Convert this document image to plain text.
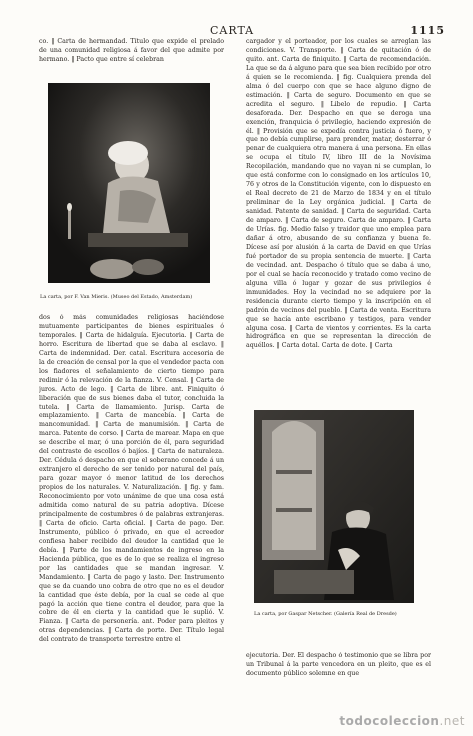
CARTA	1115

co. ‖ Carta de hermandad. Título que expide el prelado de una comunidad religiosa á favor del que admite por hermano. ‖ Pacto que entre sí celebran

La carta, por F. Van Mieris. (Museo del Estado, Amsterdam)

dos ó más comunidades religiosas haciéndose mutuamente participantes de bienes espirituales ó temporales. ‖ Carta de hidalguía. Ejecutoria. ‖ Carta de horro. Escritura de libertad que se daba al esclavo. ‖ Carta de indemnidad. Der. catal. Escritura accesoria de la de creación de censal por la que el vendedor pacta con los fiadores el señalamiento de cierto tiempo para redimir ó la relevación de la fianza. V. Censal. ‖ Carta de juros. Acto de lego. ‖ Carta de libre. ant. Finiquito ó liberación que de sus bienes daba el tutor, concluida la tutela. ‖ Carta de llamamiento. Jurisp. Carta de emplazamiento. ‖ Carta de mancebía. ‖ Carta de mancomunidad. ‖ Carta de manumisión. ‖ Carta de marca. Patente de corso. ‖ Carta de marear. Mapa en que se describe el mar, ó una porción de él, para seguridad del contraste de escollos ó bajíos. ‖ Carta de naturaleza. Der. Cédula ó despacho en que el soberano concede á un extranjero el derecho de ser tenido por natural del país, para gozar mayor ó menor latitud de los derechos propios de los naturales. V. Naturalización. ‖ fig. y fam. Reconocimiento por voto unánime de que una cosa está admitida como natural de su patria adoptiva. Dícese principalmente de costumbres ó de palabras extranjeras. ‖ Carta de oficio. Carta oficial. ‖ Carta de pago. Der. Instrumento, público ó privado, en que el acreedor confiesa haber recibido del deudor la cantidad que le debía. ‖ Parte de los mandamientos de ingreso en la Hacienda pública, que es de lo que se realiza el ingreso por las cantidades que se mandan ingresar. V. Mandamiento. ‖ Carta de pago y lasto. Der. Instrumento que se da cuando uno cobra de otro que no es el deudor la cantidad que éste debía, por la cual se cede al que pagó la acción que tiene contra el deudor, para que la cobre de él en cierta y la cantidad que le suplió. V. Fianza. ‖ Carta de personería. ant. Poder para pleitos y otras dependencias. ‖ Carta de porte. Der. Título legal del contrato de transporte terrestre entre el

cargador y el porteador, por los cuales se arreglan las condiciones. V. Transporte. ‖ Carta de quitación ó de quito. ant. Carta de finiquito. ‖ Carta de recomendación. La que se da á alguno para que sea bien recibido por otro á quien se le recomienda. ‖ fig. Cualquiera prenda del alma ó del cuerpo con que se hace alguno digno de estimación. ‖ Carta de seguro. Documento en que se acredita el seguro. ‖ Libelo de repudio. ‖ Carta desaforada. Der. Despacho en que se deroga una exención, franquicia ó privilegio, haciendo expresión de él. ‖ Provisión que se expedía contra justicia ó fuero, y que no debía cumplirse, para prender, matar, desterrar ó penar de cualquiera otra manera á una persona. En ellas se ocupa el título IV, libro III de la Novísima Recopilación, mandando que no vayan ni se cumplan, lo que está conforme con lo consignado en los artículos 10, 76 y otros de la Constitución vigente, con lo dispuesto en el Real decreto de 21 de Marzo de 1834 y en el título preliminar de la Ley orgánica judicial. ‖ Carta de sanidad. Patente de sanidad. ‖ Carta de seguridad. Carta de amparo. ‖ Carta de seguro. Carta de amparo. ‖ Carta de Urías. fig. Medio falso y traidor que uno emplea para dañar á otro, abusando de su confianza y buena fe. Dícese así por alusión á la carta de David en que Urías fué portador de su propia sentencia de muerte. ‖ Carta de vecindad. ant. Despacho ó título que se daba á uno, por el cual se hacía reconocido y tratado como vecino de alguna villa ó lugar y gozar de sus privilegios é inmunidades. Hoy la vecindad no se adquiere por la residencia durante cierto tiempo y la inscripción en el padrón de vecinos del pueblo. ‖ Carta de venta. Escritura que se hacía ante escribano y testigos, para vender alguna cosa. ‖ Carta de vientos y corrientes. Es la carta hidrográfica en que se representan la dirección de aquéllos. ‖ Carta dotal. Carta de dote. ‖ Carta

La carta, por Gaspar Netscher. (Galería Real de Dresde)

ejecutoria. Der. El despacho ó testimonio que se libra por un Tribunal á la parte vencedora en un pleito, que es el documento público solemne en que

todocoleccion.net
